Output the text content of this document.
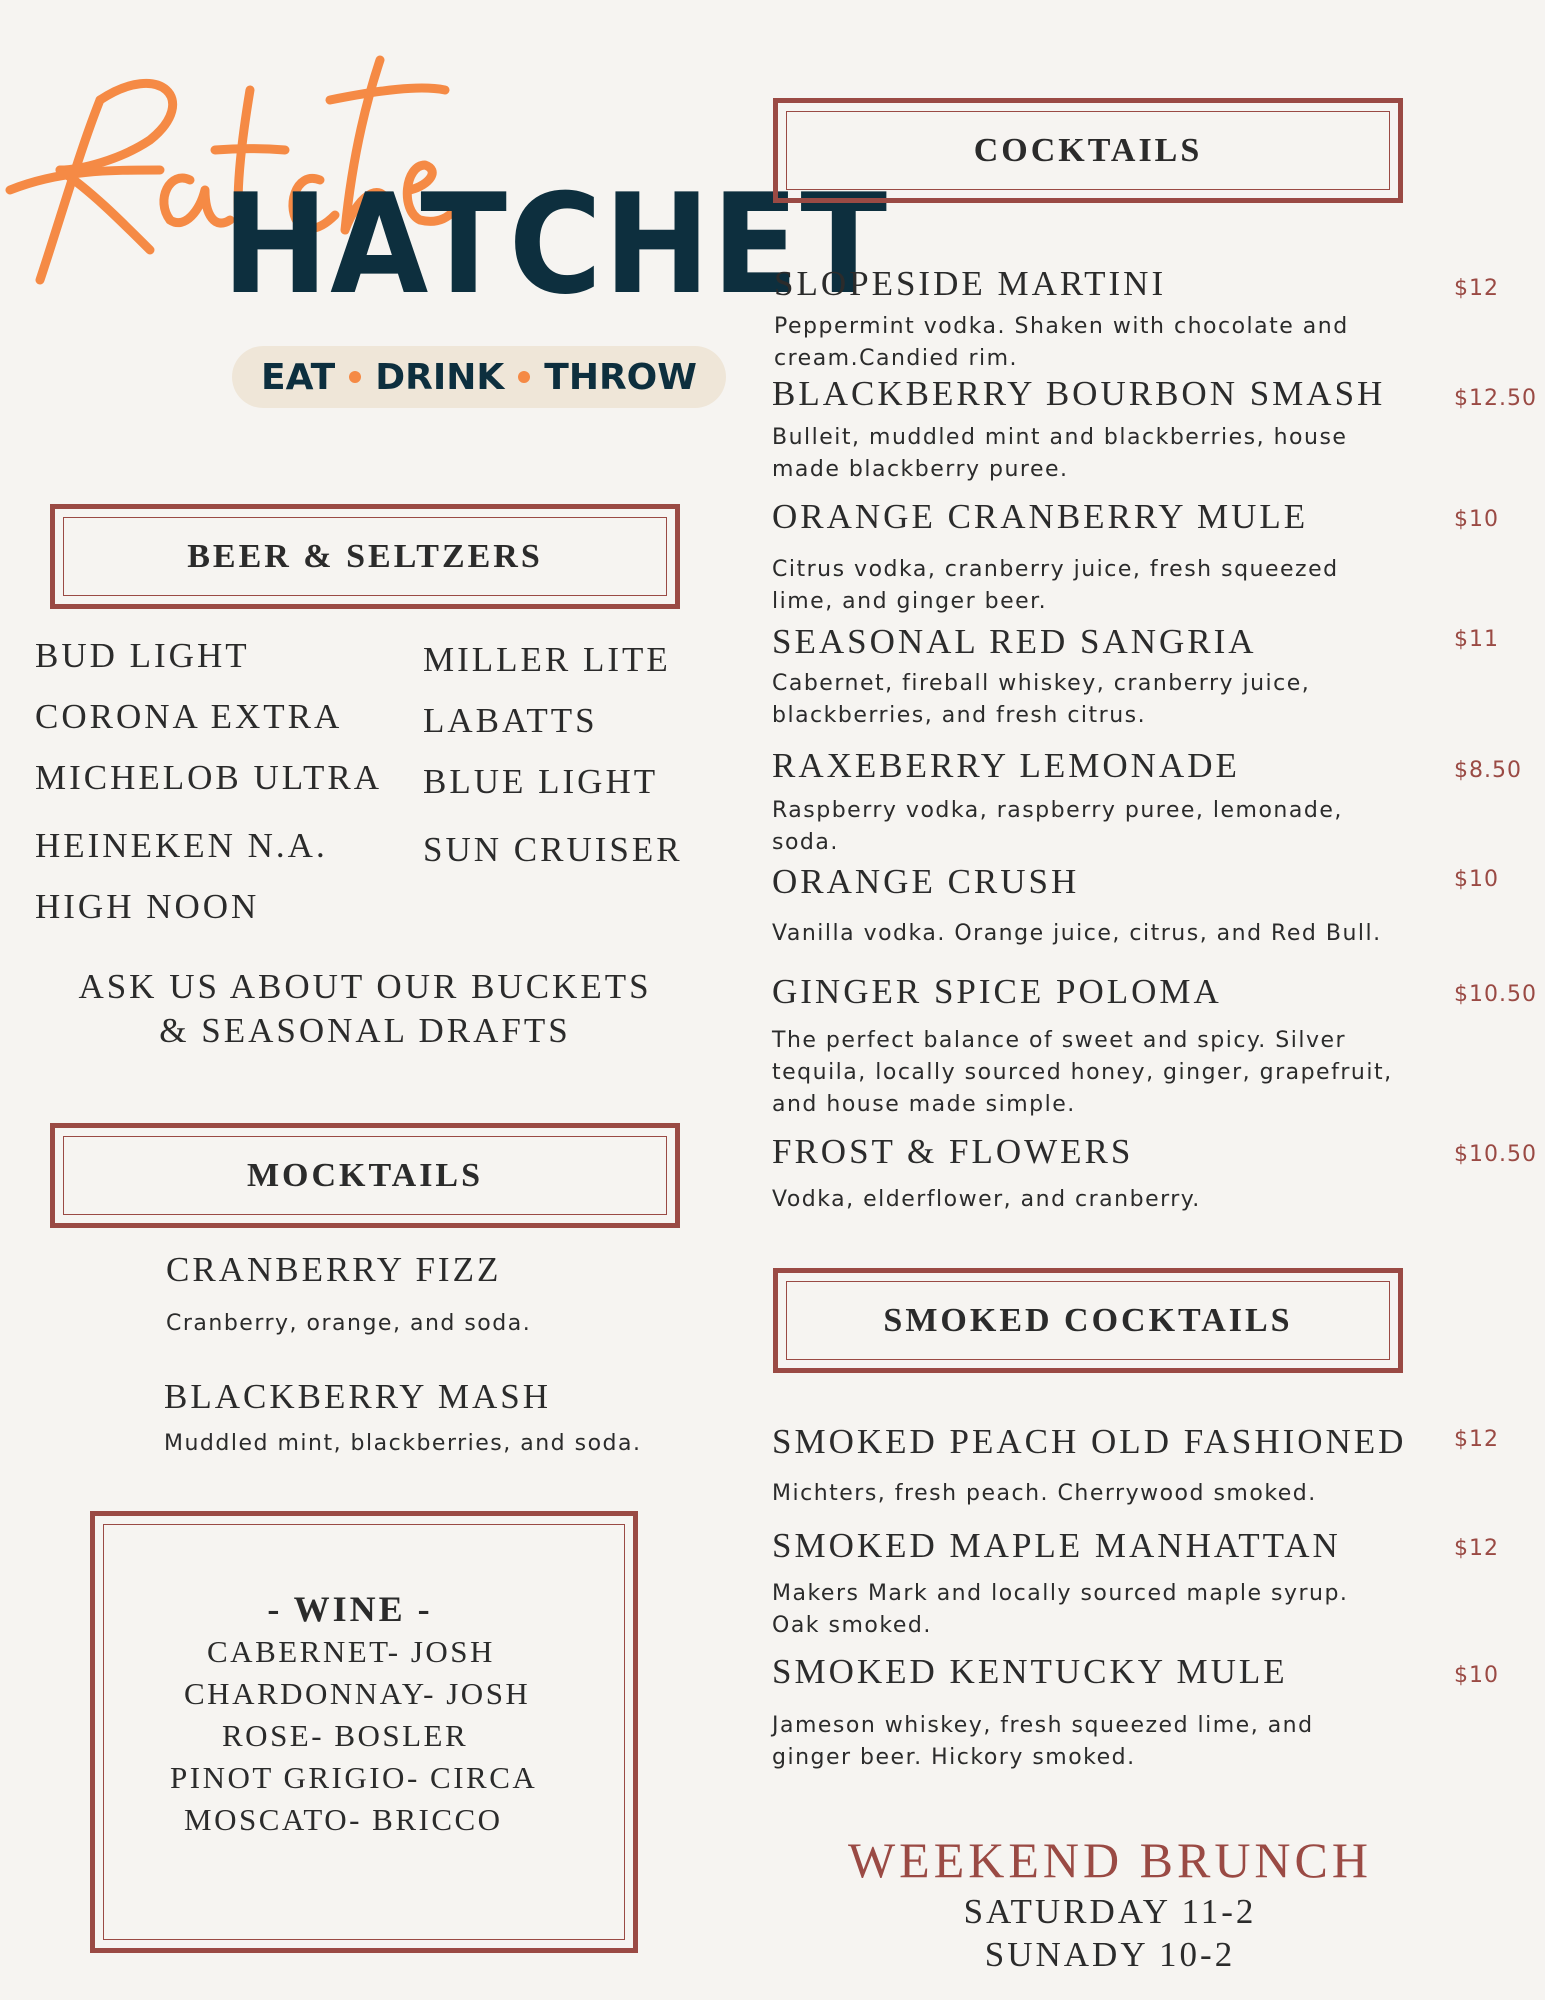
Ratchet
HATCHET
EAT DRINK THROW
BEER & SELTZERS
BUD LIGHT
CORONA EXTRA
MICHELOB ULTRA
HEINEKEN N.A.
HIGH NOON
MILLER LITE
LABATTS
BLUE LIGHT
SUN CRUISER
ASK US ABOUT OUR BUCKETS
& SEASONAL DRAFTS
MOCKTAILS
CRANBERRY FIZZ
Cranberry, orange, and soda.
BLACKBERRY MASH
Muddled mint, blackberries, and soda.
- WINE -
CABERNET- JOSH
CHARDONNAY- JOSH
ROSE- BOSLER
PINOT GRIGIO- CIRCA
MOSCATO- BRICCO
COCKTAILS
SLOPESIDE MARTINI	$12
Peppermint vodka. Shaken with chocolate and cream.Candied rim.
BLACKBERRY BOURBON SMASH	$12.50
Bulleit, muddled mint and blackberries, house made blackberry puree.
ORANGE CRANBERRY MULE	$10
Citrus vodka, cranberry juice, fresh squeezed lime, and ginger beer.
SEASONAL RED SANGRIA	$11
Cabernet, fireball whiskey, cranberry juice, blackberries, and fresh citrus.
RAXEBERRY LEMONADE	$8.50
Raspberry vodka, raspberry puree, lemonade, soda.
ORANGE CRUSH	$10
Vanilla vodka. Orange juice, citrus, and Red Bull.
GINGER SPICE POLOMA	$10.50
The perfect balance of sweet and spicy. Silver tequila, locally sourced honey, ginger, grapefruit, and house made simple.
FROST & FLOWERS	$10.50
Vodka, elderflower, and cranberry.
SMOKED COCKTAILS
SMOKED PEACH OLD FASHIONED $12
Michters, fresh peach. Cherrywood smoked.
SMOKED MAPLE MANHATTAN	$12
Makers Mark and locally sourced maple syrup. Oak smoked.
SMOKED KENTUCKY MULE	$10
Jameson whiskey, fresh squeezed lime, and ginger beer. Hickory smoked.
WEEKEND BRUNCH
SATURDAY 11-2
SUNADY 10-2
